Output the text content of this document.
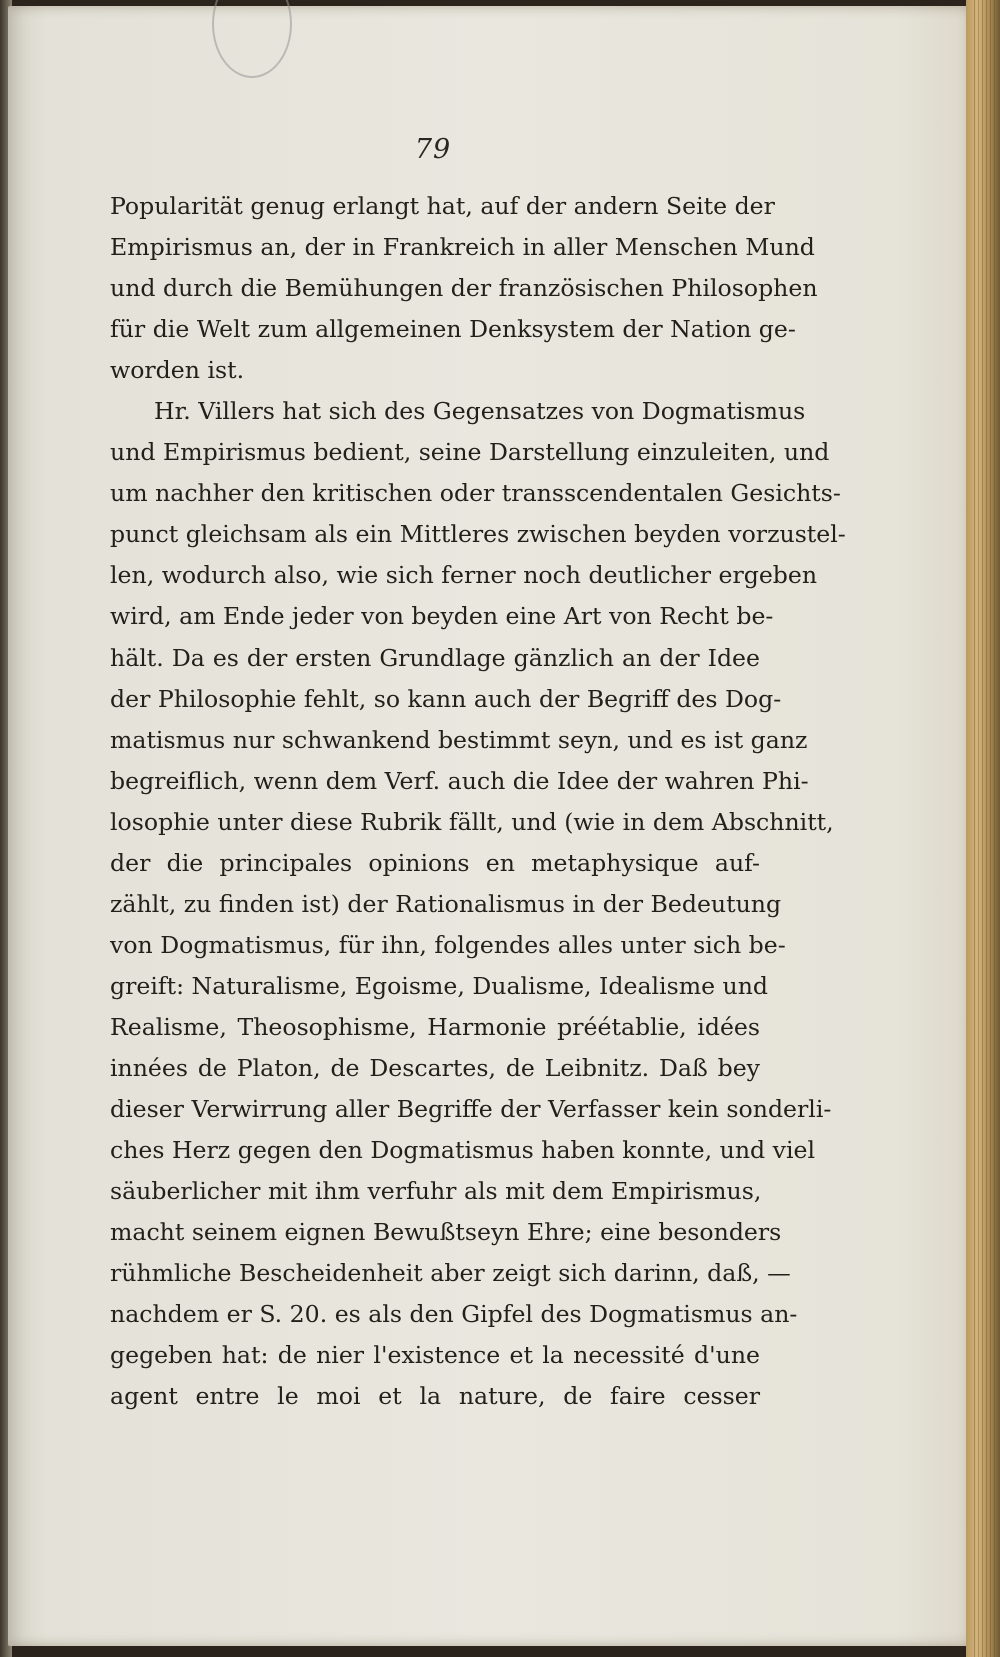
79
Popularität genug erlangt hat, auf der andern Seite der
Empirismus an, der in Frankreich in aller Menschen Mund
und durch die Bemühungen der französischen Philosophen
für die Welt zum allgemeinen Denksystem der Nation ge-
worden ist.
Hr. Villers hat sich des Gegensatzes von Dogmatismus
und Empirismus bedient, seine Darstellung einzuleiten, und
um nachher den kritischen oder transscendentalen Gesichts-
punct gleichsam als ein Mittleres zwischen beyden vorzustel-
len, wodurch also, wie sich ferner noch deutlicher ergeben
wird, am Ende jeder von beyden eine Art von Recht be-
hält. Da es der ersten Grundlage gänzlich an der Idee
der Philosophie fehlt, so kann auch der Begriff des Dog-
matismus nur schwankend bestimmt seyn, und es ist ganz
begreiflich, wenn dem Verf. auch die Idee der wahren Phi-
losophie unter diese Rubrik fällt, und (wie in dem Abschnitt,
der die principales opinions en metaphysique auf-
zählt, zu finden ist) der Rationalismus in der Bedeutung
von Dogmatismus, für ihn, folgendes alles unter sich be-
greift: Naturalisme, Egoisme, Dualisme, Idealisme und
Realisme, Theosophisme, Harmonie préétablie, idées
innées de Platon, de Descartes, de Leibnitz. Daß bey
dieser Verwirrung aller Begriffe der Verfasser kein sonderli-
ches Herz gegen den Dogmatismus haben konnte, und viel
säuberlicher mit ihm verfuhr als mit dem Empirismus,
macht seinem eignen Bewußtseyn Ehre; eine besonders
rühmliche Bescheidenheit aber zeigt sich darinn, daß, —
nachdem er S. 20. es als den Gipfel des Dogmatismus an-
gegeben hat: de nier l'existence et la necessité d'une
agent entre le moi et la nature, de faire cesser
